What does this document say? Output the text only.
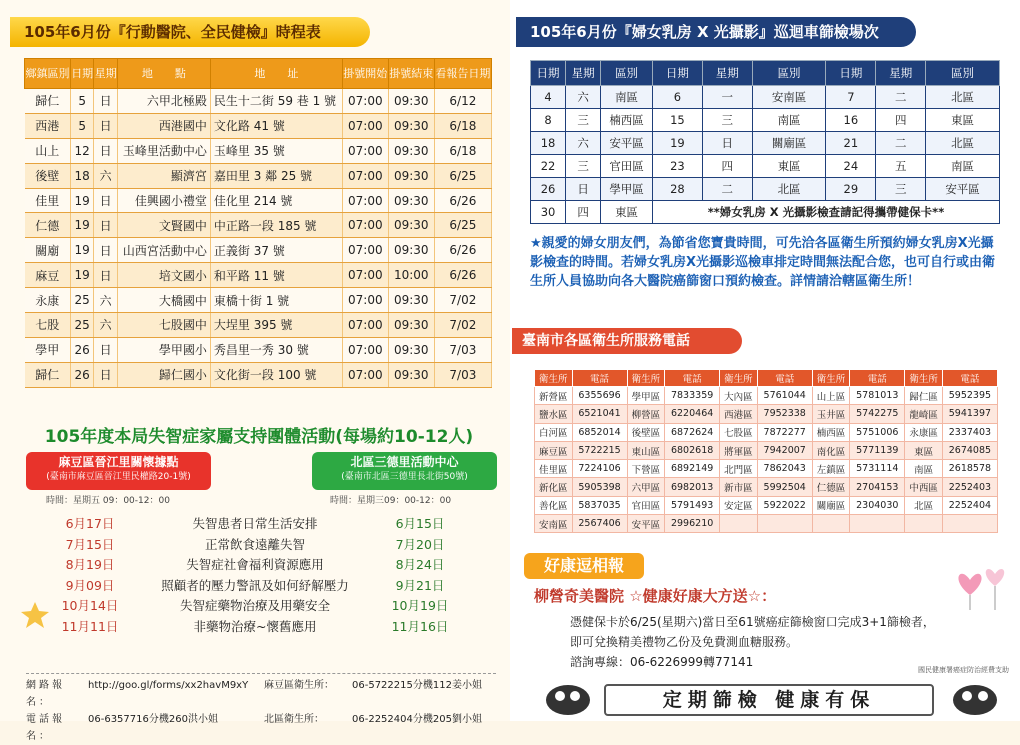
105年6月份『行動醫院、全民健檢』時程表
鄉鎮區別	日期	星期	地　　點	地　　址	掛號開始	掛號結束	看報告日期
歸仁	5	日	六甲北極殿	民生十二街 59 巷 1 號	07:00	09:30	6/12
西港	5	日	西港國中	文化路 41 號	07:00	09:30	6/18
山上	12	日	玉峰里活動中心	玉峰里 35 號	07:00	09:30	6/18
後壁	18	六	顯濟宮	嘉田里 3 鄰 25 號	07:00	09:30	6/25
佳里	19	日	佳興國小禮堂	佳化里 214 號	07:00	09:30	6/26
仁德	19	日	文賢國中	中正路一段 185 號	07:00	09:30	6/25
關廟	19	日	山西宮活動中心	正義街 37 號	07:00	09:30	6/26
麻豆	19	日	培文國小	和平路 11 號	07:00	10:00	6/26
永康	25	六	大橋國中	東橋十街 1 號	07:00	09:30	7/02
七股	25	六	七股國中	大埕里 395 號	07:00	09:30	7/02
學甲	26	日	學甲國小	秀昌里一秀 30 號	07:00	09:30	7/03
歸仁	26	日	歸仁國小	文化街一段 100 號	07:00	09:30	7/03
105年度本局失智症家屬支持團體活動(每場約10-12人)
麻豆區晉江里關懷據點
(臺南市麻豆區晉江里民權路20-1號)
時間：星期五 09：00-12：00
北區三德里活動中心
(臺南市北區三德里長北街50號)
時間：星期三09：00-12：00
6月17日	失智患者日常生活安排	6月15日
7月15日	正常飲食遠離失智	7月20日
8月19日	失智症社會福利資源應用	8月24日
9月09日	照顧者的壓力警訊及如何紓解壓力	9月21日
10月14日	失智症藥物治療及用藥安全	10月19日
11月11日	非藥物治療~懷舊應用	11月16日
網路報名：
http://goo.gl/forms/xx2havM9xY	麻豆區衛生所：	06-5722215分機112姜小姐
電話報名：
06-6357716分機260洪小姐	北區衛生所：	06-2252404分機205劉小姐
105年6月份『婦女乳房 X 光攝影』巡迴車篩檢場次
日期	星期	區別	日期	星期	區別	日期	星期	區別
4	六	南區	6	一	安南區	7	二	北區
8	三	楠西區	15	三	南區	16	四	東區
18	六	安平區	19	日	關廟區	21	二	北區
22	三	官田區	23	四	東區	24	五	南區
26	日	學甲區	28	二	北區	29	三	安平區
30	四	東區	**婦女乳房 X 光攝影檢查請記得攜帶健保卡**					
★親愛的婦女朋友們，為節省您寶貴時間，可先洽各區衛生所預約婦女乳房X光攝影檢查的時間。若婦女乳房X光攝影巡檢車排定時間無法配合您，也可自行或由衛生所人員協助向各大醫院癌篩窗口預約檢查。詳情請洽轄區衛生所！
臺南市各區衛生所服務電話
衛生所	電話	衛生所	電話	衛生所	電話	衛生所	電話	衛生所	電話
新營區	6355696	學甲區	7833359	大內區	5761044	山上區	5781013	歸仁區	5952395
鹽水區	6521041	柳營區	6220464	西港區	7952338	玉井區	5742275	龍崎區	5941397
白河區	6852014	後壁區	6872624	七股區	7872277	楠西區	5751006	永康區	2337403
麻豆區	5722215	東山區	6802618	將軍區	7942007	南化區	5771139	東區	2674085
佳里區	7224106	下營區	6892149	北門區	7862043	左鎮區	5731114	南區	2618578
新化區	5905398	六甲區	6982013	新市區	5992504	仁德區	2704153	中西區	2252403
善化區	5837035	官田區	5791493	安定區	5922022	關廟區	2304030	北區	2252404
安南區	2567406	安平區	2996210						
好康逗相報
柳營奇美醫院 ☆健康好康大方送☆：
憑健保卡於6/25(星期六)當日至61號癌症篩檢窗口完成3+1篩檢者，
即可兌換精美禮物乙份及免費測血糖服務。
諮詢專線：06-6226999轉77141
國民健康署癌症防治經費支助
定期篩檢 健康有保
